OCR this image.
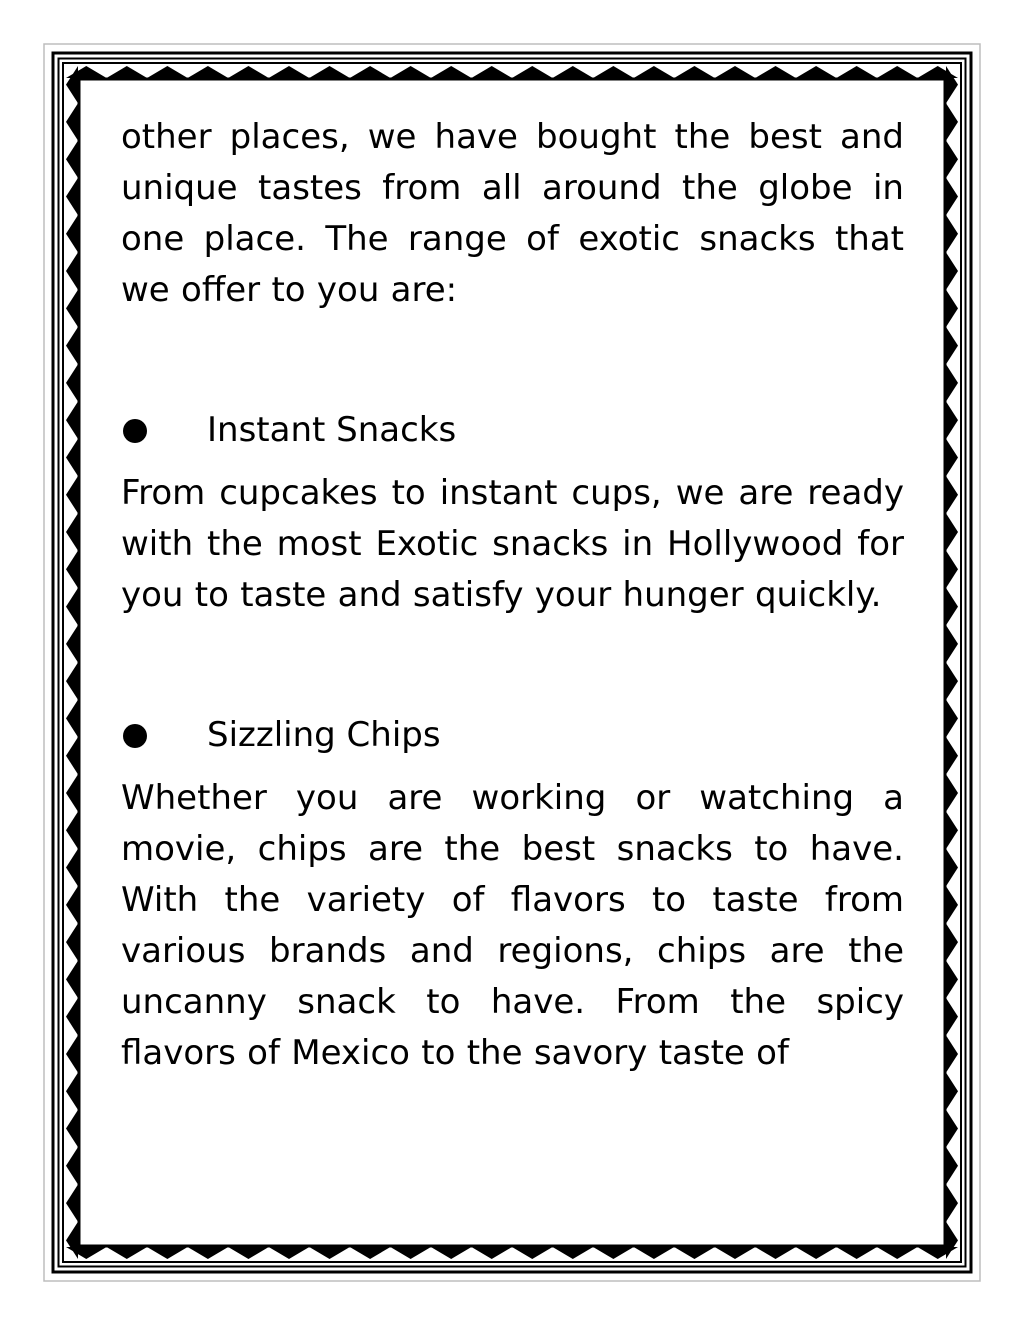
other places, we have bought the best and unique tastes from all around the globe in one place. The range of exotic snacks that we offer to you are:

Instant Snacks

From cupcakes to instant cups, we are ready with the most Exotic snacks in Hollywood for you to taste and satisfy your hunger quickly.

Sizzling Chips

Whether you are working or watching a movie, chips are the best snacks to have. With the variety of flavors to taste from various brands and regions, chips are the uncanny snack to have. From the spicy flavors of Mexico to the savory taste of
